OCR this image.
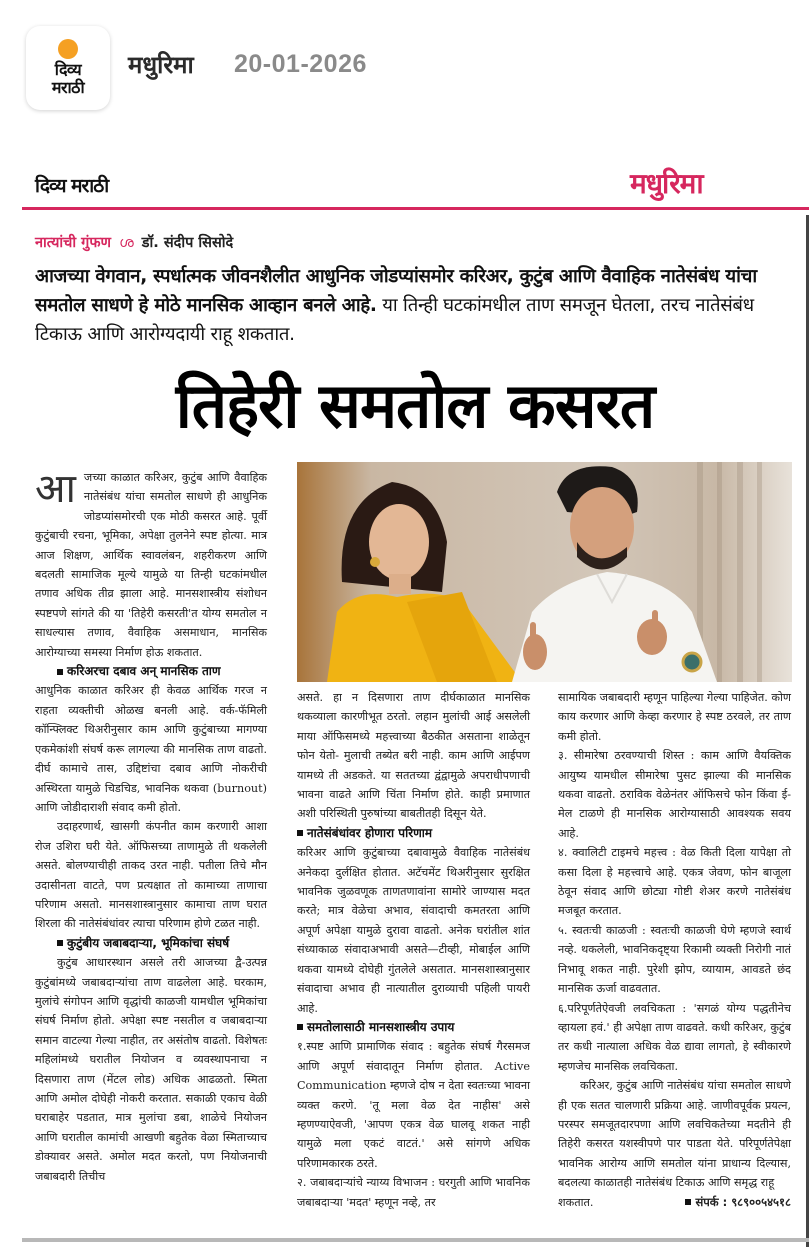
दिव्य
मराठी
मधुरिमा 20-01-2026
दिव्य मराठी	मधुरिमा
नात्यांची गुंफण ശ डॉ. संदीप सिसोदे
आजच्या वेगवान, स्पर्धात्मक जीवनशैलीत आधुनिक जोडप्यांसमोर करिअर, कुटुंब आणि वैवाहिक नातेसंबंध यांचा समतोल साधणे हे मोठे मानसिक आव्हान बनले आहे. या तिन्ही घटकांमधील ताण समजून घेतला, तरच नातेसंबंध टिकाऊ आणि आरोग्यदायी राहू शकतात.
तिहेरी समतोल कसरत

आजच्या काळात करिअर, कुटुंब आणि वैवाहिक नातेसंबंध यांचा समतोल साधणे ही आधुनिक जोडप्यांसमोरची एक मोठी कसरत आहे. पूर्वी कुटुंबाची रचना, भूमिका, अपेक्षा तुलनेने स्पष्ट होत्या. मात्र आज शिक्षण, आर्थिक स्वावलंबन, शहरीकरण आणि बदलती सामाजिक मूल्ये यामुळे या तिन्ही घटकांमधील तणाव अधिक तीव्र झाला आहे. मानसशास्त्रीय संशोधन स्पष्टपणे सांगते की या 'तिहेरी कसरती'त योग्य समतोल न साधल्यास तणाव, वैवाहिक असमाधान, मानसिक आरोग्याच्या समस्या निर्माण होऊ शकतात.

करिअरचा दबाव अन् मानसिक ताण

आधुनिक काळात करिअर ही केवळ आर्थिक गरज न राहता व्यक्तीची ओळख बनली आहे. वर्क-फॅमिली कॉन्फ्लिक्ट थिअरीनुसार काम आणि कुटुंबाच्या मागण्या एकमेकांशी संघर्ष करू लागल्या की मानसिक ताण वाढतो. दीर्घ कामाचे तास, उद्दिष्टांचा दबाव आणि नोकरीची अस्थिरता यामुळे चिडचिड, भावनिक थकवा (burnout) आणि जोडीदाराशी संवाद कमी होतो.

उदाहरणार्थ, खासगी कंपनीत काम करणारी आशा रोज उशिरा घरी येते. ऑफिसच्या ताणामुळे ती थकलेली असते. बोलण्याचीही ताकद उरत नाही. पतीला तिचे मौन उदासीनता वाटते, पण प्रत्यक्षात तो कामाच्या ताणाचा परिणाम असतो. मानसशास्त्रानुसार कामाचा ताण घरात शिरला की नातेसंबंधांवर त्याचा परिणाम होणे टळत नाही.

कुटुंबीय जबाबदाऱ्या, भूमिकांचा संघर्ष

कुटुंब आधारस्थान असले तरी आजच्या द्वै-उत्पन्न कुटुंबांमध्ये जबाबदाऱ्यांचा ताण वाढलेला आहे. घरकाम, मुलांचे संगोपन आणि वृद्धांची काळजी यामधील भूमिकांचा संघर्ष निर्माण होतो. अपेक्षा स्पष्ट नसतील व जबाबदाऱ्या समान वाटल्या गेल्या नाहीत, तर असंतोष वाढतो. विशेषतः महिलांमध्ये घरातील नियोजन व व्यवस्थापनाचा न दिसणारा ताण (मेंटल लोड) अधिक आढळतो. स्मिता आणि अमोल दोघेही नोकरी करतात. सकाळी एकाच वेळी घराबाहेर पडतात, मात्र मुलांचा डबा, शाळेचे नियोजन आणि घरातील कामांची आखणी बहुतेक वेळा स्मिताच्याच डोक्यावर असते. अमोल मदत करतो, पण नियोजनाची जबाबदारी तिचीच

असते. हा न दिसणारा ताण दीर्घकाळात मानसिक थकव्याला कारणीभूत ठरतो. लहान मुलांची आई असलेली माया ऑफिसमध्ये महत्त्वाच्या बैठकीत असताना शाळेतून फोन येतो- मुलाची तब्येत बरी नाही. काम आणि आईपण यामध्ये ती अडकते. या सततच्या द्वंद्वामुळे अपराधीपणाची भावना वाढते आणि चिंता निर्माण होते. काही प्रमाणात अशी परिस्थिती पुरुषांच्या बाबतीतही दिसून येते.

नातेसंबंधांवर होणारा परिणाम

करिअर आणि कुटुंबाच्या दबावामुळे वैवाहिक नातेसंबंध अनेकदा दुर्लक्षित होतात. अटॅचमेंट थिअरीनुसार सुरक्षित भावनिक जुळवणूक ताणतणावांना सामोरे जाण्यास मदत करते; मात्र वेळेचा अभाव, संवादाची कमतरता आणि अपूर्ण अपेक्षा यामुळे दुरावा वाढतो. अनेक घरांतील शांत संध्याकाळ संवादाअभावी असते—टीव्ही, मोबाईल आणि थकवा यामध्ये दोघेही गुंतलेले असतात. मानसशास्त्रानुसार संवादाचा अभाव ही नात्यातील दुराव्याची पहिली पायरी आहे.

समतोलासाठी मानसशास्त्रीय उपाय

१.स्पष्ट आणि प्रामाणिक संवाद : बहुतेक संघर्ष गैरसमज आणि अपूर्ण संवादातून निर्माण होतात. Active Communication म्हणजे दोष न देता स्वतःच्या भावना व्यक्त करणे. 'तू मला वेळ देत नाहीस' असे म्हणण्याऐवजी, 'आपण एकत्र वेळ घालवू शकत नाही यामुळे मला एकटं वाटतं.' असे सांगणे अधिक परिणामकारक ठरते.

२. जबाबदाऱ्यांचे न्याय्य विभाजन : घरगुती आणि भावनिक जबाबदाऱ्या 'मदत' म्हणून नव्हे, तर

सामायिक जबाबदारी म्हणून पाहिल्या गेल्या पाहिजेत. कोण काय करणार आणि केव्हा करणार हे स्पष्ट ठरवले, तर ताण कमी होतो.

३. सीमारेषा ठरवण्याची शिस्त : काम आणि वैयक्तिक आयुष्य यामधील सीमारेषा पुसट झाल्या की मानसिक थकवा वाढतो. ठराविक वेळेनंतर ऑफिसचे फोन किंवा ई-मेल टाळणे ही मानसिक आरोग्यासाठी आवश्यक सवय आहे.

४. क्वालिटी टाइमचे महत्त्व : वेळ किती दिला यापेक्षा तो कसा दिला हे महत्त्वाचे आहे. एकत्र जेवण, फोन बाजूला ठेवून संवाद आणि छोट्या गोष्टी शेअर करणे नातेसंबंध मजबूत करतात.

५. स्वतःची काळजी : स्वतःची काळजी घेणे म्हणजे स्वार्थ नव्हे. थकलेली, भावनिकदृष्ट्या रिकामी व्यक्ती निरोगी नातं निभावू शकत नाही. पुरेशी झोप, व्यायाम, आवडते छंद मानसिक ऊर्जा वाढवतात.

६.परिपूर्णतेऐवजी लवचिकता : 'सगळं योग्य पद्धतीनेच व्हायला हवं.' ही अपेक्षा ताण वाढवते. कधी करिअर, कुटुंब तर कधी नात्याला अधिक वेळ द्यावा लागतो, हे स्वीकारणे म्हणजेच मानसिक लवचिकता.

करिअर, कुटुंब आणि नातेसंबंध यांचा समतोल साधणे ही एक सतत चालणारी प्रक्रिया आहे. जाणीवपूर्वक प्रयत्न, परस्पर समजूतदारपणा आणि लवचिकतेच्या मदतीने ही तिहेरी कसरत यशस्वीपणे पार पाडता येते. परिपूर्णतेपेक्षा भावनिक आरोग्य आणि समतोल यांना प्राधान्य दिल्यास, बदलत्या काळातही नातेसंबंध टिकाऊ आणि समृद्ध राहू

शकतात.	संपर्क : ९८९००५४५१८
